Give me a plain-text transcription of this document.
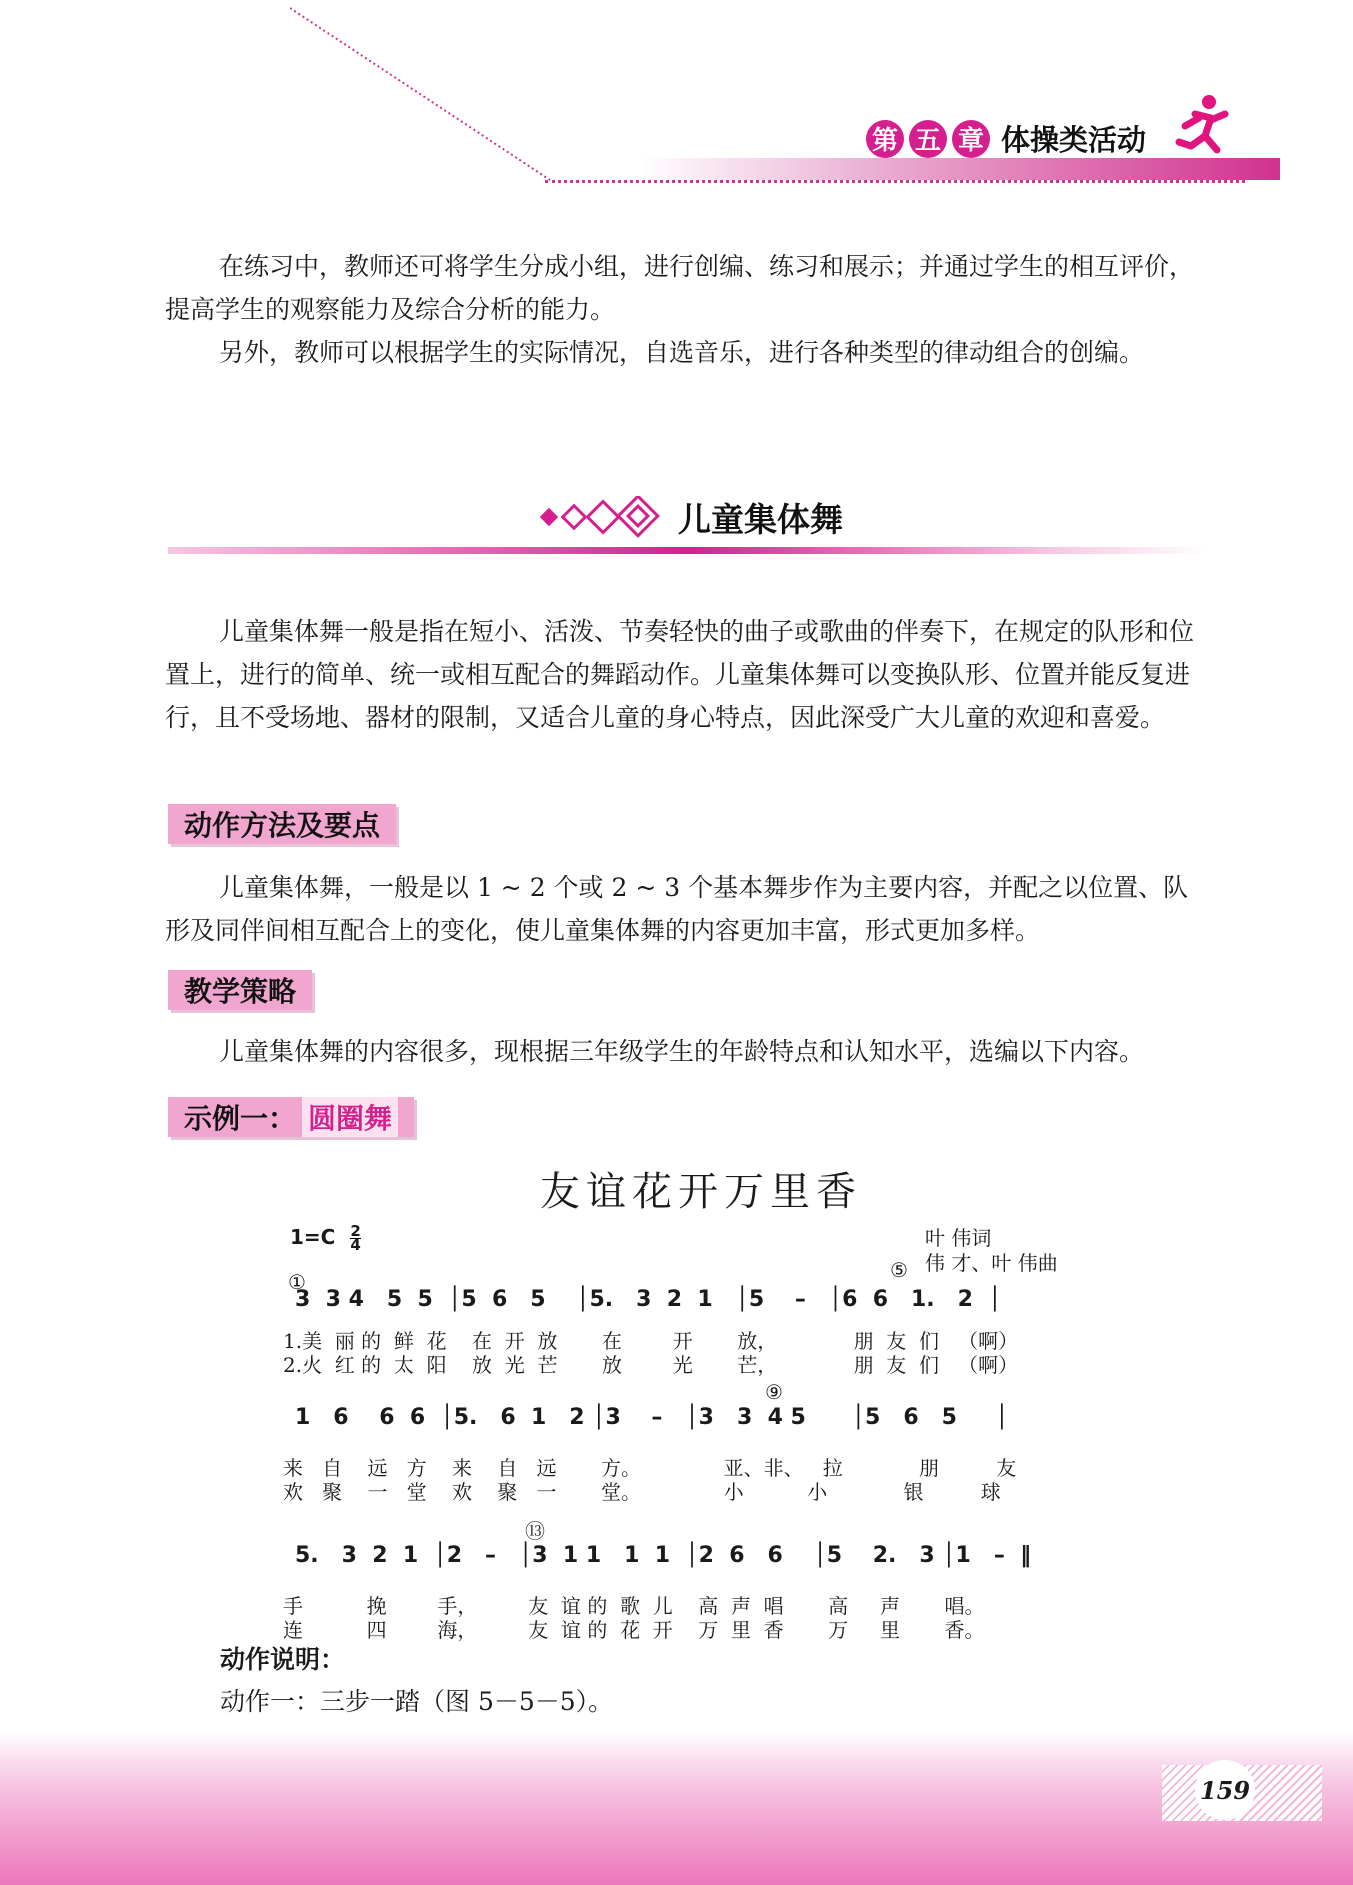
第 五 章 体操类活动

在练习中，教师还可将学生分成小组，进行创编、练习和展示；并通过学生的相互评价，提高学生的观察能力及综合分析的能力。

另外，教师可以根据学生的实际情况，自选音乐，进行各种类型的律动组合的创编。

儿童集体舞

儿童集体舞一般是指在短小、活泼、节奏轻快的曲子或歌曲的伴奏下，在规定的队形和位置上，进行的简单、统一或相互配合的舞蹈动作。儿童集体舞可以变换队形、位置并能反复进行，且不受场地、器材的限制，又适合儿童的身心特点，因此深受广大儿童的欢迎和喜爱。

动作方法及要点

儿童集体舞，一般是以 1 ~ 2 个或 2 ~ 3 个基本舞步作为主要内容，并配之以位置、队形及同伴间相互配合上的变化，使儿童集体舞的内容更加丰富，形式更加多样。

教学策略

儿童集体舞的内容很多，现根据三年级学生的年龄特点和认知水平，选编以下内容。

示例一： 圆圈舞
友谊花开万里香
$1=C \frac{2}{4}$	叶 伟词
伟 才、叶 伟曲
①	⑤
⑨
⑬
3  3 4   5  5  │5  6   5    │5.   3  2  1   │5    –   │6  6   1.   2  │
1.美  丽 的  鲜  花    在  开  放       在        开       放，            朋  友  们   （啊）
2.火  红 的  太  阳    放  光  芒       放        光       芒，            朋  友  们   （啊）
1   6    6  6  │5.   6  1   2 │3    –   │3   3  4 5      │5   6   5     │
来   自    远   方    来    自   远       方。             亚、非、   拉            朋         友
欢   聚    一   堂    欢    聚   一       堂。             小          小            银         球
5.   3  2  1  │2   –   │3  1 1   1  1  │2  6   6    │5    2.   3 │1   –  ‖
手          挽        手，        友  谊 的  歌  儿    高  声  唱       高     声       唱。
连          四        海，        友  谊 的  花  开    万  里  香       万     里       香。
动作说明：

动作一：三步一踏（图 5－5－5）。

159
